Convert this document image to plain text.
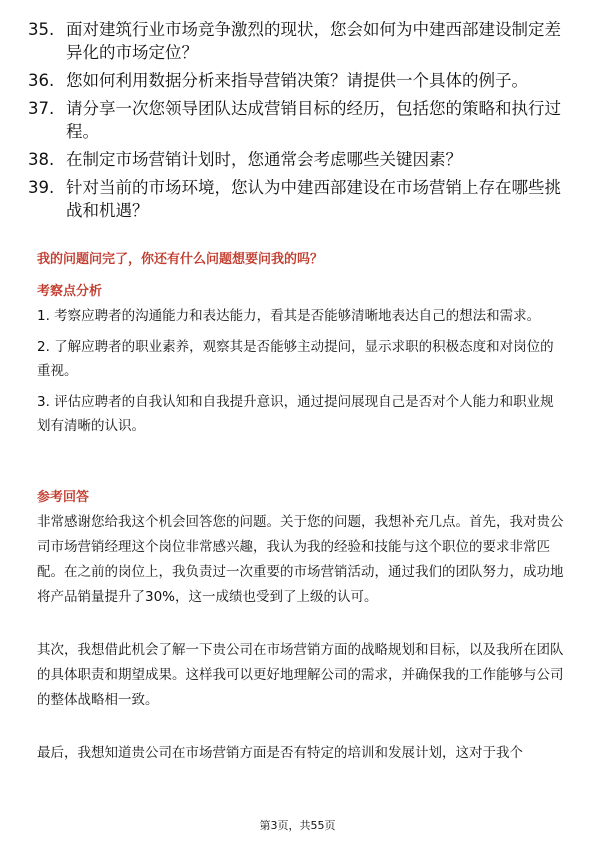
35. 面对建筑行业市场竞争激烈的现状，您会如何为中建西部建设制定差异化的市场定位？
36. 您如何利用数据分析来指导营销决策？请提供一个具体的例子。
37. 请分享一次您领导团队达成营销目标的经历，包括您的策略和执行过程。
38. 在制定市场营销计划时，您通常会考虑哪些关键因素？
39. 针对当前的市场环境，您认为中建西部建设在市场营销上存在哪些挑战和机遇？
我的问题问完了，你还有什么问题想要问我的吗？
考察点分析
1. 考察应聘者的沟通能力和表达能力，看其是否能够清晰地表达自己的想法和需求。
2. 了解应聘者的职业素养，观察其是否能够主动提问，显示求职的积极态度和对岗位的重视。
3. 评估应聘者的自我认知和自我提升意识，通过提问展现自己是否对个人能力和职业规划有清晰的认识。
参考回答

非常感谢您给我这个机会回答您的问题。关于您的问题，我想补充几点。首先，我对贵公司市场营销经理这个岗位非常感兴趣，我认为我的经验和技能与这个职位的要求非常匹配。在之前的岗位上，我负责过一次重要的市场营销活动，通过我们的团队努力，成功地将产品销量提升了30%，这一成绩也受到了上级的认可。

其次，我想借此机会了解一下贵公司在市场营销方面的战略规划和目标，以及我所在团队的具体职责和期望成果。这样我可以更好地理解公司的需求，并确保我的工作能够与公司的整体战略相一致。

最后，我想知道贵公司在市场营销方面是否有特定的培训和发展计划，这对于我个

第3页，共55页
